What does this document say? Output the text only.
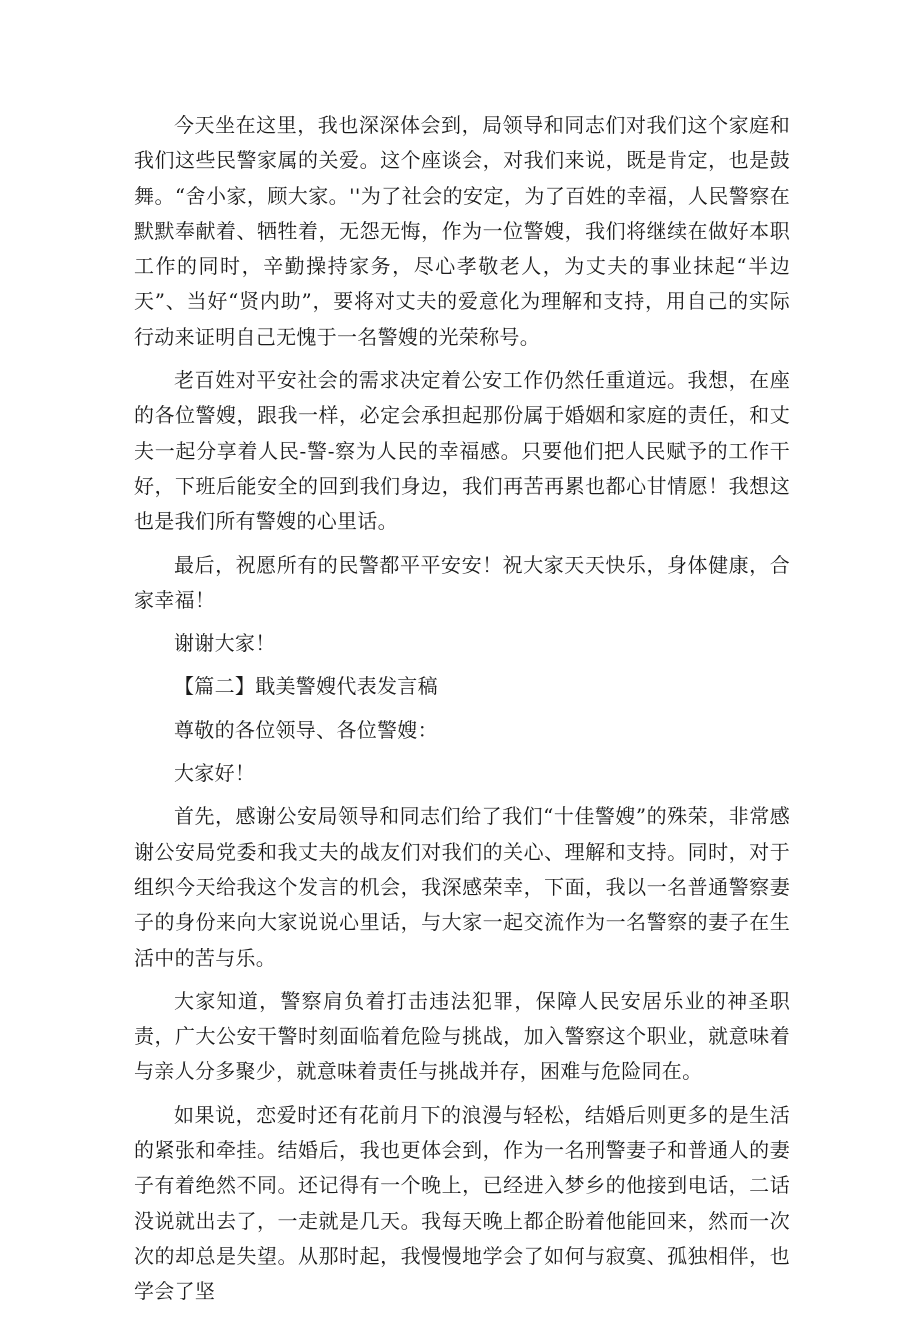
今天坐在这里，我也深深体会到，局领导和同志们对我们这个家庭和我们这些民警家属的关爱。这个座谈会，对我们来说，既是肯定，也是鼓舞。“舍小家，顾大家。''为了社会的安定，为了百姓的幸福，人民警察在默默奉献着、牺牲着，无怨无悔，作为一位警嫂，我们将继续在做好本职工作的同时，辛勤操持家务，尽心孝敬老人，为丈夫的事业抹起“半边天”、当好“贤内助”，要将对丈夫的爱意化为理解和支持，用自己的实际行动来证明自己无愧于一名警嫂的光荣称号。

老百姓对平安社会的需求决定着公安工作仍然任重道远。我想，在座的各位警嫂，跟我一样，必定会承担起那份属于婚姻和家庭的责任，和丈夫一起分享着人民-警-察为人民的幸福感。只要他们把人民赋予的工作干好，下班后能安全的回到我们身边，我们再苦再累也都心甘情愿！我想这也是我们所有警嫂的心里话。

最后，祝愿所有的民警都平平安安！祝大家天天快乐，身体健康，合家幸福！

谢谢大家！

【篇二】戢美警嫂代表发言稿

尊敬的各位领导、各位警嫂：

大家好！

首先，感谢公安局领导和同志们给了我们“十佳警嫂”的殊荣，非常感谢公安局党委和我丈夫的战友们对我们的关心、理解和支持。同时，对于组织今天给我这个发言的机会，我深感荣幸，下面，我以一名普通警察妻子的身份来向大家说说心里话，与大家一起交流作为一名警察的妻子在生活中的苦与乐。

大家知道，警察肩负着打击违法犯罪，保障人民安居乐业的神圣职责，广大公安干警时刻面临着危险与挑战，加入警察这个职业，就意味着与亲人分多聚少，就意味着责任与挑战并存，困难与危险同在。

如果说，恋爱时还有花前月下的浪漫与轻松，结婚后则更多的是生活的紧张和牵挂。结婚后，我也更体会到，作为一名刑警妻子和普通人的妻子有着绝然不同。还记得有一个晚上，已经进入梦乡的他接到电话，二话没说就出去了，一走就是几天。我每天晚上都企盼着他能回来，然而一次次的却总是失望。从那时起，我慢慢地学会了如何与寂寞、孤独相伴，也学会了坚
